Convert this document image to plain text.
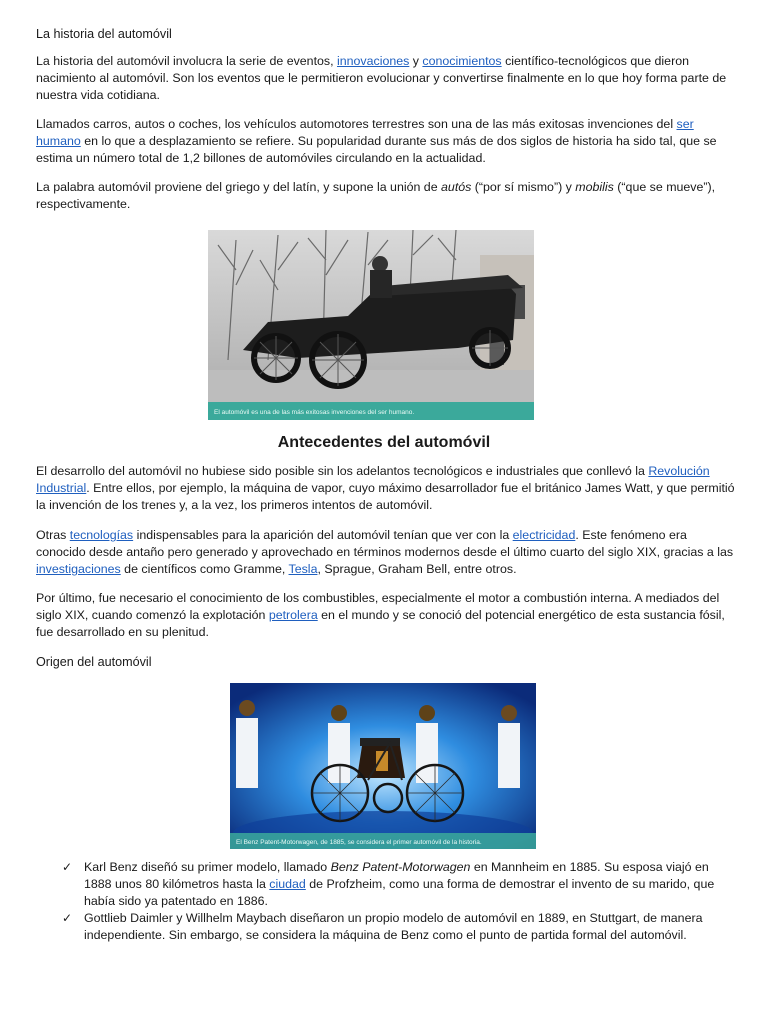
La historia del automóvil

La historia del automóvil involucra la serie de eventos, innovaciones y conocimientos científico-tecnológicos que dieron nacimiento al automóvil. Son los eventos que le permitieron evolucionar y convertirse finalmente en lo que hoy forma parte de nuestra vida cotidiana.

Llamados carros, autos o coches, los vehículos automotores terrestres son una de las más exitosas invenciones del ser humano en lo que a desplazamiento se refiere. Su popularidad durante sus más de dos siglos de historia ha sido tal, que se estima un número total de 1,2 billones de automóviles circulando en la actualidad.

La palabra automóvil proviene del griego y del latín, y supone la unión de autós (“por sí mismo”) y mobilis (“que se mueve”), respectivamente.

El automóvil es una de las más exitosas invenciones del ser humano.
Antecedentes del automóvil

El desarrollo del automóvil no hubiese sido posible sin los adelantos tecnológicos e industriales que conllevó la Revolución Industrial. Entre ellos, por ejemplo, la máquina de vapor, cuyo máximo desarrollador fue el británico James Watt, y que permitió la invención de los trenes y, a la vez, los primeros intentos de automóvil.

Otras tecnologías indispensables para la aparición del automóvil tenían que ver con la electricidad. Este fenómeno era conocido desde antaño pero generado y aprovechado en términos modernos desde el último cuarto del siglo XIX, gracias a las investigaciones de científicos como Gramme, Tesla, Sprague, Graham Bell, entre otros.

Por último, fue necesario el conocimiento de los combustibles, especialmente el motor a combustión interna. A mediados del siglo XIX, cuando comenzó la explotación petrolera en el mundo y se conoció del potencial energético de esta sustancia fósil, fue desarrollado en su plenitud.

Origen del automóvil

El Benz Patent-Motorwagen, de 1885, se considera el primer automóvil de la historia.
✓ Karl Benz diseñó su primer modelo, llamado Benz Patent-Motorwagen en Mannheim en 1885. Su esposa viajó en 1888 unos 80 kilómetros hasta la ciudad de Profzheim, como una forma de demostrar el invento de su marido, que había sido ya patentado en 1886.
✓ Gottlieb Daimler y Willhelm Maybach diseñaron un propio modelo de automóvil en 1889, en Stuttgart, de manera independiente. Sin embargo, se considera la máquina de Benz como el punto de partida formal del automóvil.
